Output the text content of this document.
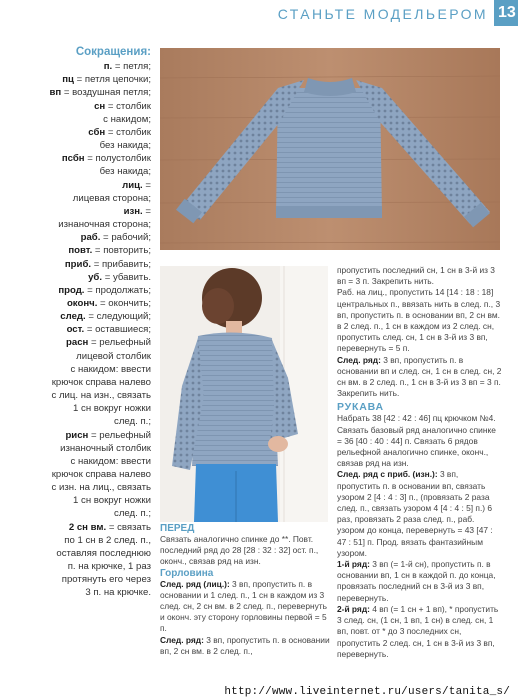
СТАНЬТЕ МОДЕЛЬЕРОМ 13
Сокращения:
п. = петля;
пц = петля цепочки;
вп = воздушная петля;
сн = столбик
с накидом;
сбн = столбик
без накида;
псбн = полустолбик
без накида;
лиц. =
лицевая сторона;
изн. =
изнаночная сторона;
раб. = рабочий;
повт. = повторить;
приб. = прибавить;
уб. = убавить.
прод. = продолжать;
оконч. = окончить;
след. = следующий;
ост. = оставшиеся;
расн = рельефный
лицевой столбик
с накидом: ввести
крючок справа налево
с лиц. на изн., связать
1 сн вокруг ножки
след. п.;
рисн = рельефный
изнаночный столбик
с накидом: ввести
крючок справа налево
с изн. на лиц., связать
1 сн вокруг ножки
след. п.;
2 сн вм. = связать
по 1 сн в 2 след. п.,
оставляя последнюю
п. на крючке, 1 раз
протянуть его через
3 п. на крючке.
ПЕРЕД

Связать аналогично спинке до **. Повт. последний ряд до 28 [28 : 32 : 32] ост. п., оконч., связав ряд на изн.

Горловина

След. ряд (лиц.): 3 вп, пропустить п. в основании и 1 след. п., 1 сн в каждом из 3 след. сн, 2 сн вм. в 2 след. п., перевернуть и оконч. эту сторону горловины первой = 5 п.

След. ряд: 3 вп, пропустить п. в основании вп, 2 сн вм. в 2 след. п.,

пропустить последний сн, 1 сн в 3-й из 3 вп = 3 п. Закрепить нить.

Раб. на лиц., пропустить 14 [14 : 18 : 18] центральных п., ввязать нить в след. п., 3 вп, пропустить п. в основании вп, 2 сн вм. в 2 след. п., 1 сн в каждом из 2 след. сн, пропустить след. сн, 1 сн в 3-й из 3 вп, перевернуть = 5 п.

След. ряд: 3 вп, пропустить п. в основании вп и след. сн, 1 сн в след. сн, 2 сн вм. в 2 след. п., 1 сн в 3-й из 3 вп = 3 п.

Закрепить нить.

РУКАВА

Набрать 38 [42 : 42 : 46] пц крючком №4. Связать базовый ряд аналогично спинке = 36 [40 : 40 : 44] п. Связать 6 рядов рельефной аналогично спинке, оконч., связав ряд на изн.

След. ряд с приб. (изн.): 3 вп, пропустить п. в основании вп, связать узором 2 [4 : 4 : 3] п., (провязать 2 раза след. п., связать узором 4 [4 : 4 : 5] п.) 6 раз, провязать 2 раза след. п., раб. узором до конца, перевернуть = 43 [47 : 47 : 51] п. Прод. вязать фантазийным узором.

1-й ряд: 3 вп (= 1-й сн), пропустить п. в основании вп, 1 сн в каждой п. до конца, провязать последний сн в 3-й из 3 вп, перевернуть.

2-й ряд: 4 вп (= 1 сн + 1 вп), * пропустить 3 след. сн, (1 сн, 1 вп, 1 сн) в след. сн, 1 вп, повт. от * до 3 последних сн, пропустить 2 след. сн, 1 сн в 3-й из 3 вп, перевернуть.

http://www.liveinternet.ru/users/tanita_s/
